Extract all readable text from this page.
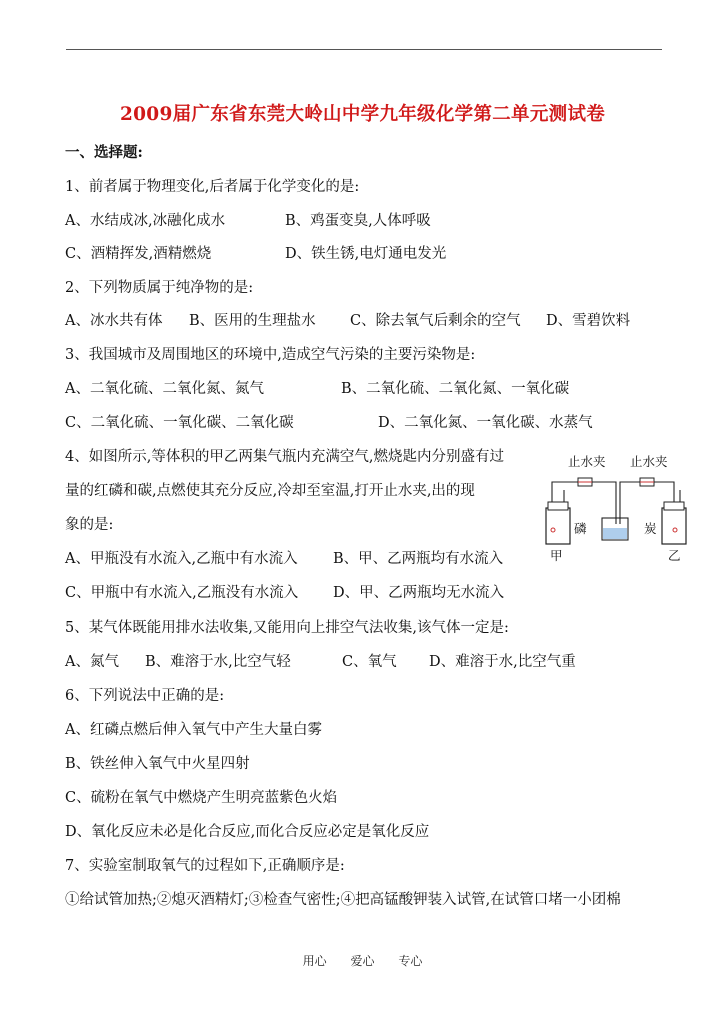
2009届广东省东莞大岭山中学九年级化学第二单元测试卷
一、选择题:
1、前者属于物理变化,后者属于化学变化的是:
A、水结成冰,冰融化成水	B、鸡蛋变臭,人体呼吸
C、酒精挥发,酒精燃烧	D、铁生锈,电灯通电发光
2、下列物质属于纯净物的是:
A、冰水共有体 B、医用的生理盐水 C、除去氧气后剩余的空气 D、雪碧饮料
3、我国城市及周围地区的环境中,造成空气污染的主要污染物是:
A、二氧化硫、二氧化氮、氮气	B、二氧化硫、二氧化氮、一氧化碳
C、二氧化硫、一氧化碳、二氧化碳	D、二氧化氮、一氧化碳、水蒸气
4、如图所示,等体积的甲乙两集气瓶内充满空气,燃烧匙内分别盛有过
量的红磷和碳,点燃使其充分反应,冷却至室温,打开止水夹,出的现
象的是:
止水夹 止水夹
磷	炭
甲	乙
A、甲瓶没有水流入,乙瓶中有水流入 B、甲、乙两瓶均有水流入
C、甲瓶中有水流入,乙瓶没有水流入 D、甲、乙两瓶均无水流入
5、某气体既能用排水法收集,又能用向上排空气法收集,该气体一定是:
A、氮气 B、难溶于水,比空气轻	C、氧气 D、难溶于水,比空气重
6、下列说法中正确的是:
A、红磷点燃后伸入氧气中产生大量白雾
B、铁丝伸入氧气中火星四射
C、硫粉在氧气中燃烧产生明亮蓝紫色火焰
D、氧化反应未必是化合反应,而化合反应必定是氧化反应
7、实验室制取氧气的过程如下,正确顺序是:
①给试管加热;②熄灭酒精灯;③检查气密性;④把高锰酸钾装入试管,在试管口堵一小团棉
用心 爱心 专心
